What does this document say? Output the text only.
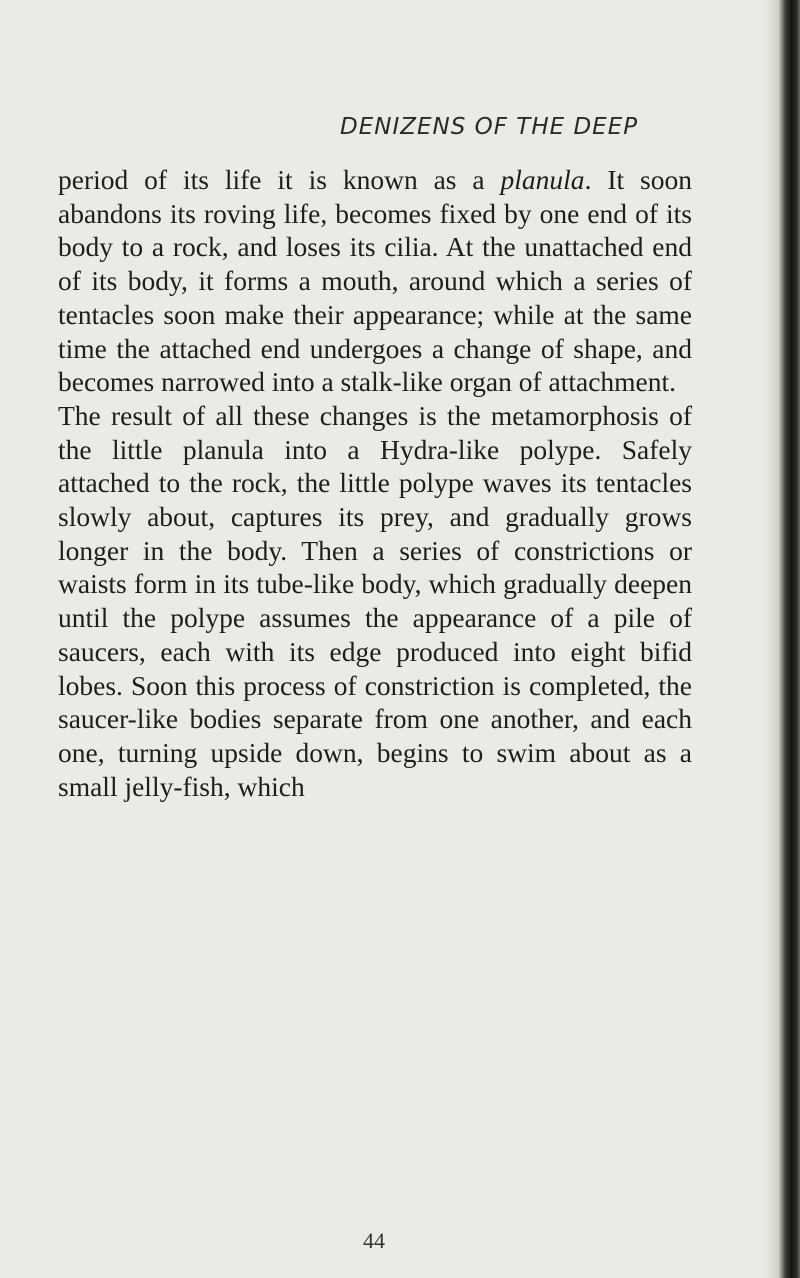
DENIZENS OF THE DEEP

period of its life it is known as a planula. It soon abandons its roving life, becomes fixed by one end of its body to a rock, and loses its cilia. At the unattached end of its body, it forms a mouth, around which a series of tentacles soon make their appearance; while at the same time the attached end undergoes a change of shape, and becomes narrowed into a stalk-like organ of attachment.

The result of all these changes is the metamorphosis of the little planula into a Hydra-like polype. Safely attached to the rock, the little polype waves its tentacles slowly about, captures its prey, and gradually grows longer in the body. Then a series of constrictions or waists form in its tube-like body, which gradually deepen until the polype assumes the appearance of a pile of saucers, each with its edge produced into eight bifid lobes. Soon this process of constriction is completed, the saucer-like bodies separate from one another, and each one, turning upside down, begins to swim about as a small jelly-fish, which

44
